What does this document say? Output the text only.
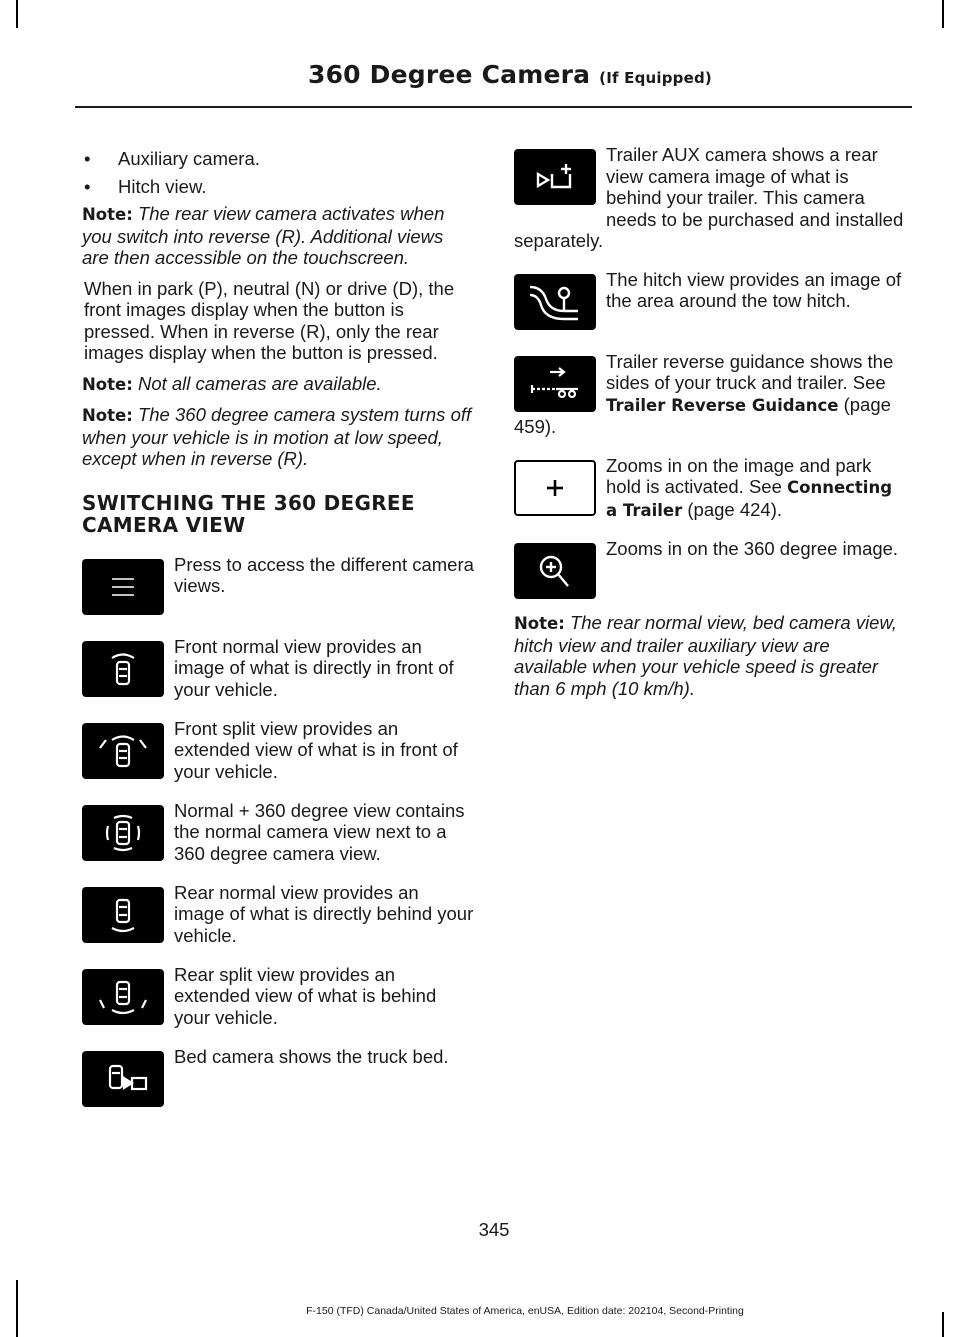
360 Degree Camera (If Equipped)
•	Auxiliary camera.
•	Hitch view.

Note: The rear view camera activates when you switch into reverse (R). Additional views are then accessible on the touchscreen.

When in park (P), neutral (N) or drive (D), the front images display when the button is pressed. When in reverse (R), only the rear images display when the button is pressed.

Note: Not all cameras are available.

Note: The 360 degree camera system turns off when your vehicle is in motion at low speed, except when in reverse (R).

SWITCHING THE 360 DEGREE CAMERA VIEW
Press to access the different camera views.
Front normal view provides an image of what is directly in front of your vehicle.
Front split view provides an extended view of what is in front of your vehicle.
Normal + 360 degree view contains the normal camera view next to a 360 degree camera view.
Rear normal view provides an image of what is directly behind your vehicle.
Rear split view provides an extended view of what is behind your vehicle.
Bed camera shows the truck bed.
Trailer AUX camera shows a rear view camera image of what is behind your trailer. This camera needs to be purchased and installed separately.
The hitch view provides an image of the area around the tow hitch.
Trailer reverse guidance shows the sides of your truck and trailer. See Trailer Reverse Guidance (page 459).
Zooms in on the image and park hold is activated. See Connecting a Trailer (page 424).
Zooms in on the 360 degree image.

Note: The rear normal view, bed camera view, hitch view and trailer auxiliary view are available when your vehicle speed is greater than 6 mph (10 km/h).

345
F-150 (TFD) Canada/United States of America, enUSA, Edition date: 202104, Second-Printing
